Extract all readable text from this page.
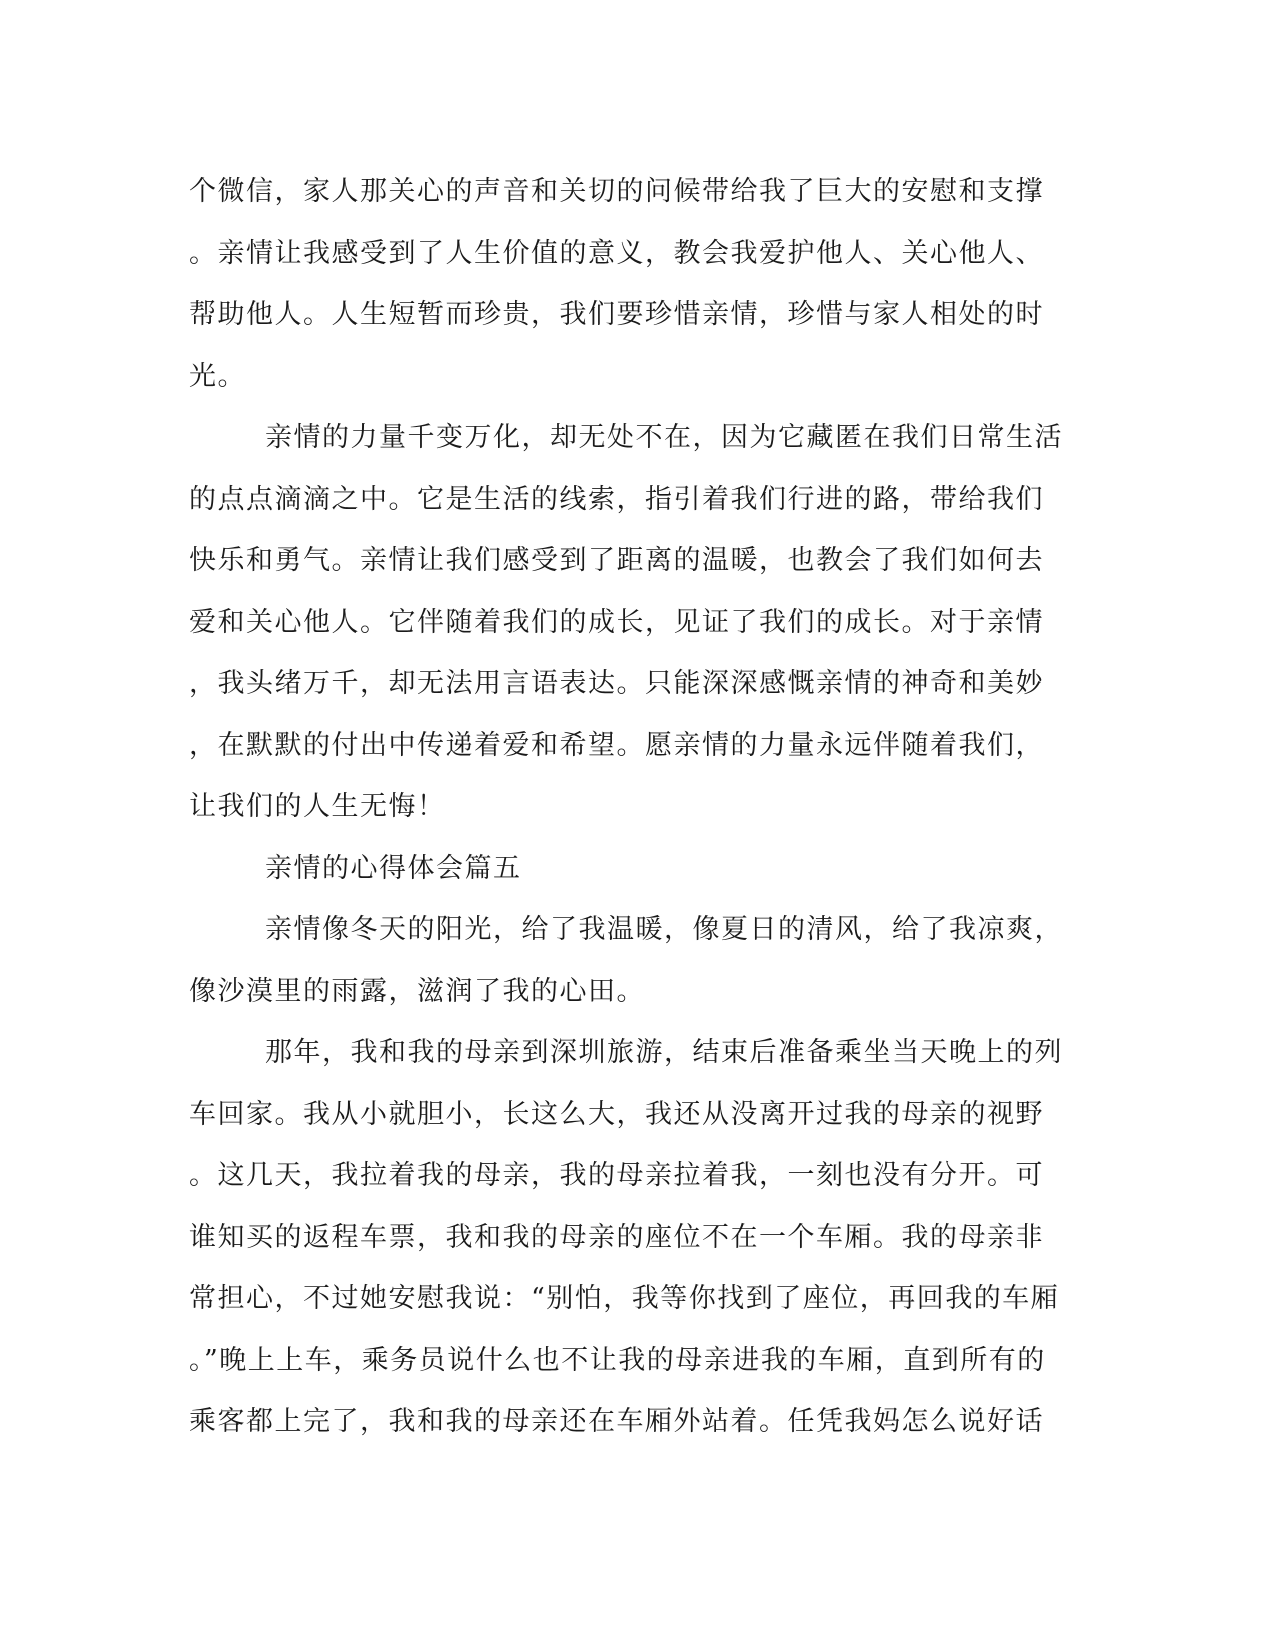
个微信，家人那关心的声音和关切的问候带给我了巨大的安慰和支撑
。亲情让我感受到了人生价值的意义，教会我爱护他人、关心他人、
帮助他人。人生短暂而珍贵，我们要珍惜亲情，珍惜与家人相处的时
光。
亲情的力量千变万化，却无处不在，因为它藏匿在我们日常生活
的点点滴滴之中。它是生活的线索，指引着我们行进的路，带给我们
快乐和勇气。亲情让我们感受到了距离的温暖，也教会了我们如何去
爱和关心他人。它伴随着我们的成长，见证了我们的成长。对于亲情
，我头绪万千，却无法用言语表达。只能深深感慨亲情的神奇和美妙
，在默默的付出中传递着爱和希望。愿亲情的力量永远伴随着我们，
让我们的人生无悔！
亲情的心得体会篇五
亲情像冬天的阳光，给了我温暖，像夏日的清风，给了我凉爽，
像沙漠里的雨露，滋润了我的心田。
那年，我和我的母亲到深圳旅游，结束后准备乘坐当天晚上的列
车回家。我从小就胆小，长这么大，我还从没离开过我的母亲的视野
。这几天，我拉着我的母亲，我的母亲拉着我，一刻也没有分开。可
谁知买的返程车票，我和我的母亲的座位不在一个车厢。我的母亲非
常担心，不过她安慰我说：“别怕，我等你找到了座位，再回我的车厢
。”晚上上车，乘务员说什么也不让我的母亲进我的车厢，直到所有的
乘客都上完了，我和我的母亲还在车厢外站着。任凭我妈怎么说好话
